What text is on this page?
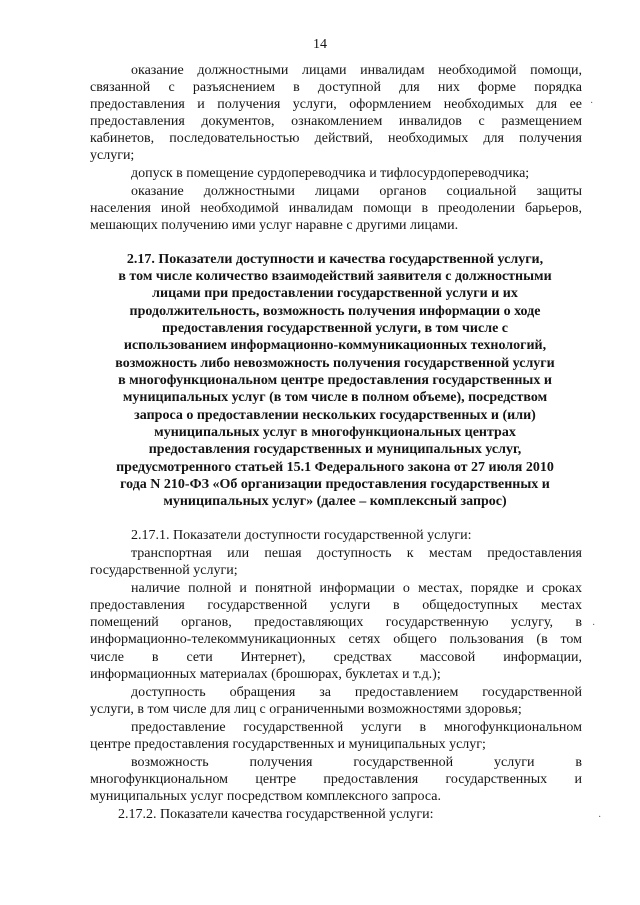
14
оказание должностными лицами инвалидам необходимой помощи,
связанной с разъяснением в доступной для них форме порядка
предоставления и получения услуги, оформлением необходимых для ее
предоставления документов, ознакомлением инвалидов с размещением
кабинетов, последовательностью действий, необходимых для получения
услуги;
·
допуск в помещение сурдопереводчика и тифлосурдопереводчика;
оказание должностными лицами органов социальной защиты
населения иной необходимой инвалидам помощи в преодолении барьеров,
мешающих получению ими услуг наравне с другими лицами.
2.17. Показатели доступности и качества государственной услуги,
в том числе количество взаимодействий заявителя с должностными
лицами при предоставлении государственной услуги и их
продолжительность, возможность получения информации о ходе
предоставления государственной услуги, в том числе с
использованием информационно-коммуникационных технологий,
возможность либо невозможность получения государственной услуги
в многофункциональном центре предоставления государственных и
муниципальных услуг (в том числе в полном объеме), посредством
запроса о предоставлении нескольких государственных и (или)
муниципальных услуг в многофункциональных центрах
предоставления государственных и муниципальных услуг,
предусмотренного статьей 15.1 Федерального закона от 27 июля 2010
года N 210-ФЗ «Об организации предоставления государственных и
муниципальных услуг» (далее – комплексный запрос)
2.17.1. Показатели доступности государственной услуги:
транспортная или пешая доступность к местам предоставления
государственной услуги;
наличие полной и понятной информации о местах, порядке и сроках
предоставления государственной услуги в общедоступных местах
помещений органов, предоставляющих государственную услугу, в
информационно-телекоммуникационных сетях общего пользования (в том
числе в сети Интернет), средствах массовой информации,
информационных материалах (брошюрах, буклетах и т.д.);
·
доступность обращения за предоставлением государственной
услуги, в том числе для лиц с ограниченными возможностями здоровья;
предоставление государственной услуги в многофункциональном
центре предоставления государственных и муниципальных услуг;
возможность получения государственной услуги в
многофункциональном центре предоставления государственных и
муниципальных услуг посредством комплексного запроса.
2.17.2. Показатели качества государственной услуги:	·
